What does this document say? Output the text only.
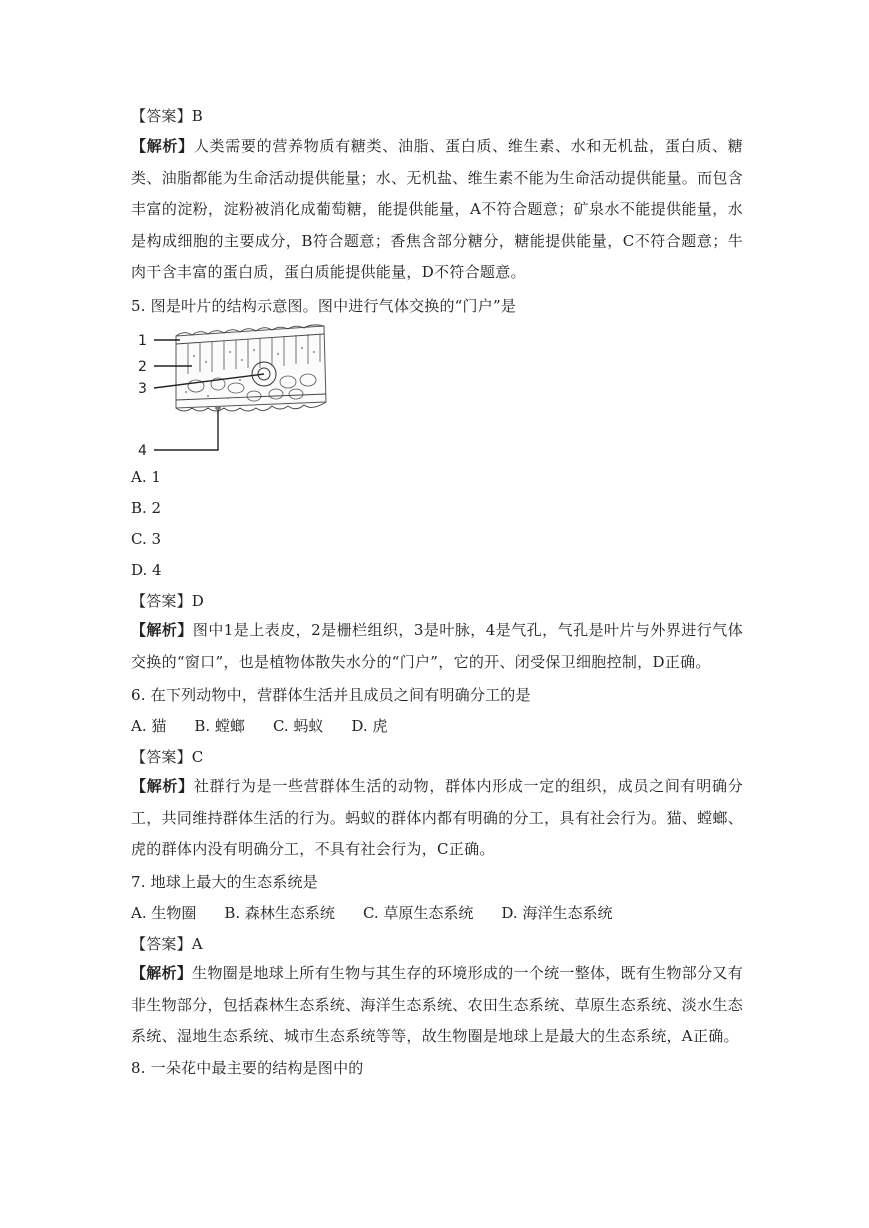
【答案】B
【解析】人类需要的营养物质有糖类、油脂、蛋白质、维生素、水和无机盐，蛋白质、糖类、油脂都能为生命活动提供能量；水、无机盐、维生素不能为生命活动提供能量。而包含丰富的淀粉，淀粉被消化成葡萄糖，能提供能量，A不符合题意；矿泉水不能提供能量，水是构成细胞的主要成分，B符合题意；香焦含部分糖分，糖能提供能量，C不符合题意；牛肉干含丰富的蛋白质，蛋白质能提供能量，D不符合题意。
5. 图是叶片的结构示意图。图中进行气体交换的“门户”是
1
2
3
4
A. 1
B. 2
C. 3
D. 4
【答案】D
【解析】图中1是上表皮，2是栅栏组织，3是叶脉，4是气孔，气孔是叶片与外界进行气体交换的“窗口”，也是植物体散失水分的“门户”，它的开、闭受保卫细胞控制，D正确。
6. 在下列动物中，营群体生活并且成员之间有明确分工的是
A. 猫 B. 螳螂 C. 蚂蚁 D. 虎
【答案】C
【解析】社群行为是一些营群体生活的动物，群体内形成一定的组织，成员之间有明确分工，共同维持群体生活的行为。蚂蚁的群体内都有明确的分工，具有社会行为。猫、螳螂、虎的群体内没有明确分工，不具有社会行为，C正确。
7. 地球上最大的生态系统是
A. 生物圈 B. 森林生态系统 C. 草原生态系统 D. 海洋生态系统
【答案】A
【解析】生物圈是地球上所有生物与其生存的环境形成的一个统一整体，既有生物部分又有非生物部分，包括森林生态系统、海洋生态系统、农田生态系统、草原生态系统、淡水生态系统、湿地生态系统、城市生态系统等等，故生物圈是地球上是最大的生态系统，A正确。
8. 一朵花中最主要的结构是图中的
